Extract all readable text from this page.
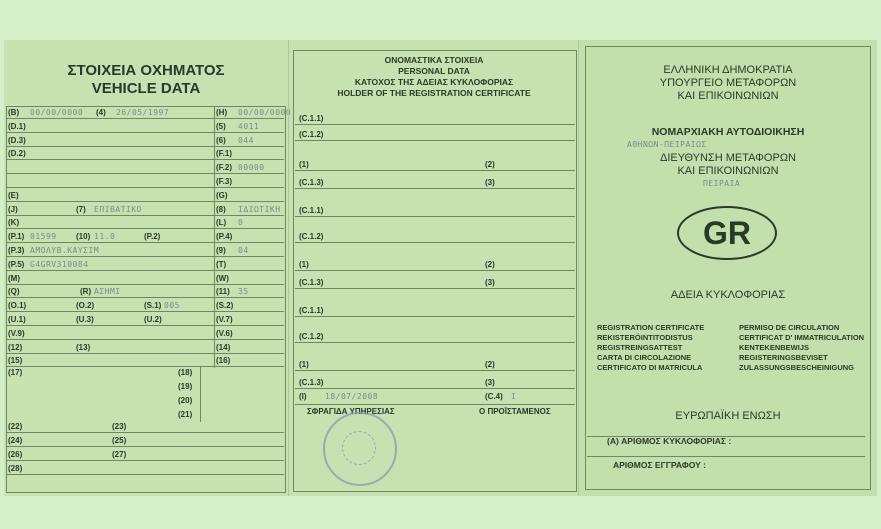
ΣΤΟΙΧΕΙΑ ΟΧΗΜΑΤΟΣ
VEHICLE DATA
(B) 00/00/0000 (4) 26/05/1997	(H) 00/00/0000
(D.1)	(5) 4011
(D.3)	(6) 044
(D.2)	(F.1)
(F.2) 00000
(F.3)
(E)	(G)
(J)	(7) ΕΠΙΒΑΤΙΚΟ	(8) ΙΔΙΩΤΙΚΗ
(K)	(L) 0
(P.1) 01599 (10) 11.0	(P.2)	(P.4)
(P.3) ΑΜΟΛΥΒ.ΚΑΥΣΙΜ	(9) 04
(P.5) G4GRV310084	(T)
(M)	(W)
(Q)	(R) ΑΣΗΜΙ	(11) 35
(O.1)	(O.2)	(S.1) 005	(S.2)
(U.1)	(U.3)	(U.2)	(V.7)
(V.9)	(V.6)
(12)	(13)	(14)
(15)	(16)
(17)	(18)
(19)
(20)
(21)
(22)	(23)
(24)	(25)
(26)	(27)
(28)
ΟΝΟΜΑΣΤΙΚΑ ΣΤΟΙΧΕΙΑ
PERSONAL DATA
ΚΑΤΟΧΟΣ ΤΗΣ ΑΔΕΙΑΣ ΚΥΚΛΟΦΟΡΙΑΣ
HOLDER OF THE REGISTRATION CERTIFICATE
(C.1.1)
(C.1.2)
(1)	(2)
(C.1.3)	(3)
(C.1.1)
(C.1.2)
(1)	(2)
(C.1.3)	(3)
(C.1.1)
(C.1.2)
(1)	(2)
(C.1.3)	(3)
(I) 18/07/2008	(C.4) I
ΣΦΡΑΓΙΔΑ ΥΠΗΡΕΣΙΑΣ	Ο ΠΡΟΪΣΤΑΜΕΝΟΣ
ΕΛΛΗΝΙΚΗ ΔΗΜΟΚΡΑΤΙΑ
ΥΠΟΥΡΓΕΙΟ ΜΕΤΑΦΟΡΩΝ
ΚΑΙ ΕΠΙΚΟΙΝΩΝΙΩΝ
ΝΟΜΑΡΧΙΑΚΗ ΑΥΤΟΔΙΟΙΚΗΣΗ
ΑΘΗΝΩΝ-ΠΕΙΡΑΙΩΣ
ΔΙΕΥΘΥΝΣΗ ΜΕΤΑΦΟΡΩΝ
ΚΑΙ ΕΠΙΚΟΙΝΩΝΙΩΝ
ΠΕΙΡΑΙΑ
GR
ΑΔΕΙΑ ΚΥΚΛΟΦΟΡΙΑΣ
REGISTRATION CERTIFICATE
REKISTERÖINTITODISTUS
REGISTREINGSATTEST
CARTA DI CIRCOLAZIONE
CERTIFICATO DI MATRICULA
PERMISO DE CIRCULATION
CERTIFICAT D' IMMATRICULATION
KENTEKENBEWIJS
REGISTERINGSBEVISET
ZULASSUNGSBESCHEINIGUNG
ΕΥΡΩΠΑΪΚΗ ΕΝΩΣΗ
(A) ΑΡΙΘΜΟΣ ΚΥΚΛΟΦΟΡΙΑΣ :
ΑΡΙΘΜΟΣ ΕΓΓΡΑΦΟΥ :
